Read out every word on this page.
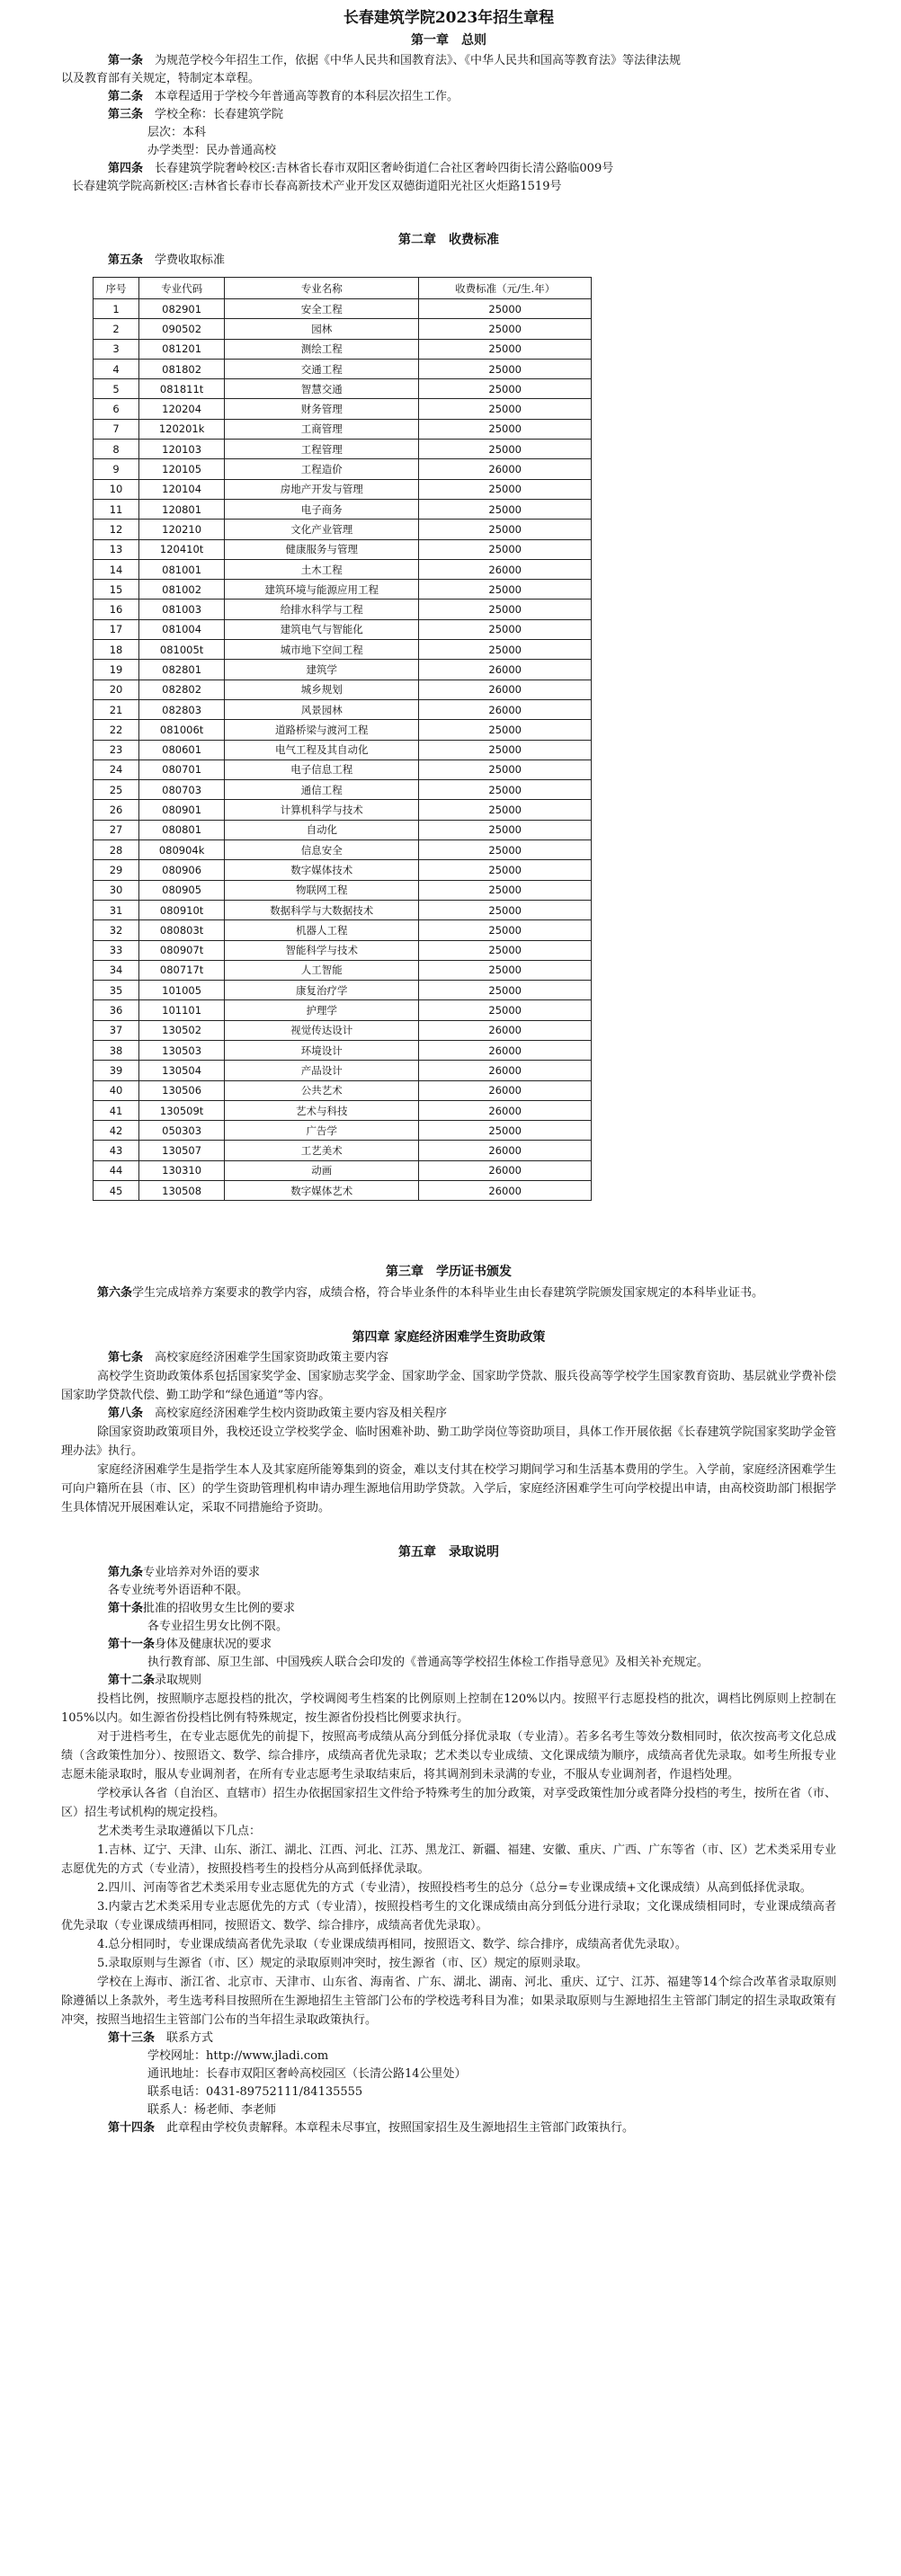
长春建筑学院2023年招生章程
第一章　总则

第一条　 为规范学校今年招生工作，依据《中华人民共和国教育法》、《中华人民共和国高等教育法》等法律法规

以及教育部有关规定，特制定本章程。

第二条　 本章程适用于学校今年普通高等教育的本科层次招生工作。

第三条　 学校全称：长春建筑学院

层次：本科

办学类型：民办普通高校

第四条　 长春建筑学院奢岭校区:吉林省长春市双阳区奢岭街道仁合社区奢岭四街长清公路临009号

长春建筑学院高新校区:吉林省长春市长春高新技术产业开发区双德街道阳光社区火炬路1519号

第二章　收费标准

第五条　 学费收取标准

序号	专业代码	专业名称	收费标准（元/生.年）
1	082901	安全工程	25000
2	090502	园林	25000
3	081201	测绘工程	25000
4	081802	交通工程	25000
5	081811t	智慧交通	25000
6	120204	财务管理	25000
7	120201k	工商管理	25000
8	120103	工程管理	25000
9	120105	工程造价	26000
10	120104	房地产开发与管理	25000
11	120801	电子商务	25000
12	120210	文化产业管理	25000
13	120410t	健康服务与管理	25000
14	081001	土木工程	26000
15	081002	建筑环境与能源应用工程	25000
16	081003	给排水科学与工程	25000
17	081004	建筑电气与智能化	25000
18	081005t	城市地下空间工程	25000
19	082801	建筑学	26000
20	082802	城乡规划	26000
21	082803	风景园林	26000
22	081006t	道路桥梁与渡河工程	25000
23	080601	电气工程及其自动化	25000
24	080701	电子信息工程	25000
25	080703	通信工程	25000
26	080901	计算机科学与技术	25000
27	080801	自动化	25000
28	080904k	信息安全	25000
29	080906	数字媒体技术	25000
30	080905	物联网工程	25000
31	080910t	数据科学与大数据技术	25000
32	080803t	机器人工程	25000
33	080907t	智能科学与技术	25000
34	080717t	人工智能	25000
35	101005	康复治疗学	25000
36	101101	护理学	25000
37	130502	视觉传达设计	26000
38	130503	环境设计	26000
39	130504	产品设计	26000
40	130506	公共艺术	26000
41	130509t	艺术与科技	26000
42	050303	广告学	25000
43	130507	工艺美术	26000
44	130310	动画	26000
45	130508	数字媒体艺术	26000
第三章　学历证书颁发

第六条学生完成培养方案要求的教学内容，成绩合格，符合毕业条件的本科毕业生由长春建筑学院颁发国家规定的本科毕业证书。

第四章 家庭经济困难学生资助政策

第七条　 高校家庭经济困难学生国家资助政策主要内容

高校学生资助政策体系包括国家奖学金、国家励志奖学金、国家助学金、国家助学贷款、服兵役高等学校学生国家教育资助、基层就业学费补偿国家助学贷款代偿、勤工助学和“绿色通道”等内容。

第八条　 高校家庭经济困难学生校内资助政策主要内容及相关程序

除国家资助政策项目外，我校还设立学校奖学金、临时困难补助、勤工助学岗位等资助项目，具体工作开展依据《长春建筑学院国家奖助学金管理办法》执行。

家庭经济困难学生是指学生本人及其家庭所能筹集到的资金，难以支付其在校学习期间学习和生活基本费用的学生。入学前，家庭经济困难学生可向户籍所在县（市、区）的学生资助管理机构申请办理生源地信用助学贷款。入学后，家庭经济困难学生可向学校提出申请，由高校资助部门根据学生具体情况开展困难认定，采取不同措施给予资助。

第五章　录取说明

第九条专业培养对外语的要求

各专业统考外语语种不限。

第十条批准的招收男女生比例的要求

各专业招生男女比例不限。

第十一条身体及健康状况的要求

执行教育部、原卫生部、中国残疾人联合会印发的《普通高等学校招生体检工作指导意见》及相关补充规定。

第十二条录取规则

投档比例，按照顺序志愿投档的批次，学校调阅考生档案的比例原则上控制在120%以内。按照平行志愿投档的批次，调档比例原则上控制在105%以内。如生源省份投档比例有特殊规定，按生源省份投档比例要求执行。

对于进档考生，在专业志愿优先的前提下，按照高考成绩从高分到低分择优录取（专业清）。若多名考生等效分数相同时，依次按高考文化总成绩（含政策性加分）、按照语文、数学、综合排序，成绩高者优先录取；艺术类以专业成绩、文化课成绩为顺序，成绩高者优先录取。如考生所报专业志愿未能录取时，服从专业调剂者，在所有专业志愿考生录取结束后，将其调剂到未录满的专业，不服从专业调剂者，作退档处理。

学校承认各省（自治区、直辖市）招生办依据国家招生文件给予特殊考生的加分政策，对享受政策性加分或者降分投档的考生，按所在省（市、区）招生考试机构的规定投档。

艺术类考生录取遵循以下几点：

1.吉林、辽宁、天津、山东、浙江、湖北、江西、河北、江苏、黑龙江、新疆、福建、安徽、重庆、广西、广东等省（市、区）艺术类采用专业志愿优先的方式（专业清），按照投档考生的投档分从高到低择优录取。

2.四川、河南等省艺术类采用专业志愿优先的方式（专业清），按照投档考生的总分（总分=专业课成绩+文化课成绩）从高到低择优录取。

3.内蒙古艺术类采用专业志愿优先的方式（专业清），按照投档考生的文化课成绩由高分到低分进行录取；文化课成绩相同时，专业课成绩高者优先录取（专业课成绩再相同，按照语文、数学、综合排序，成绩高者优先录取）。

4.总分相同时，专业课成绩高者优先录取（专业课成绩再相同，按照语文、数学、综合排序，成绩高者优先录取）。

5.录取原则与生源省（市、区）规定的录取原则冲突时，按生源省（市、区）规定的原则录取。

学校在上海市、浙江省、北京市、天津市、山东省、海南省、广东、湖北、湖南、河北、重庆、辽宁、江苏、福建等14个综合改革省录取原则除遵循以上条款外，考生选考科目按照所在生源地招生主管部门公布的学校选考科目为准；如果录取原则与生源地招生主管部门制定的招生录取政策有冲突，按照当地招生主管部门公布的当年招生录取政策执行。

第十三条　 联系方式

学校网址：http://www.jladi.com

通讯地址：长春市双阳区奢岭高校园区（长清公路14公里处）

联系电话：0431-89752111/84135555

联系人：杨老师、李老师

第十四条　 此章程由学校负责解释。本章程未尽事宜，按照国家招生及生源地招生主管部门政策执行。
